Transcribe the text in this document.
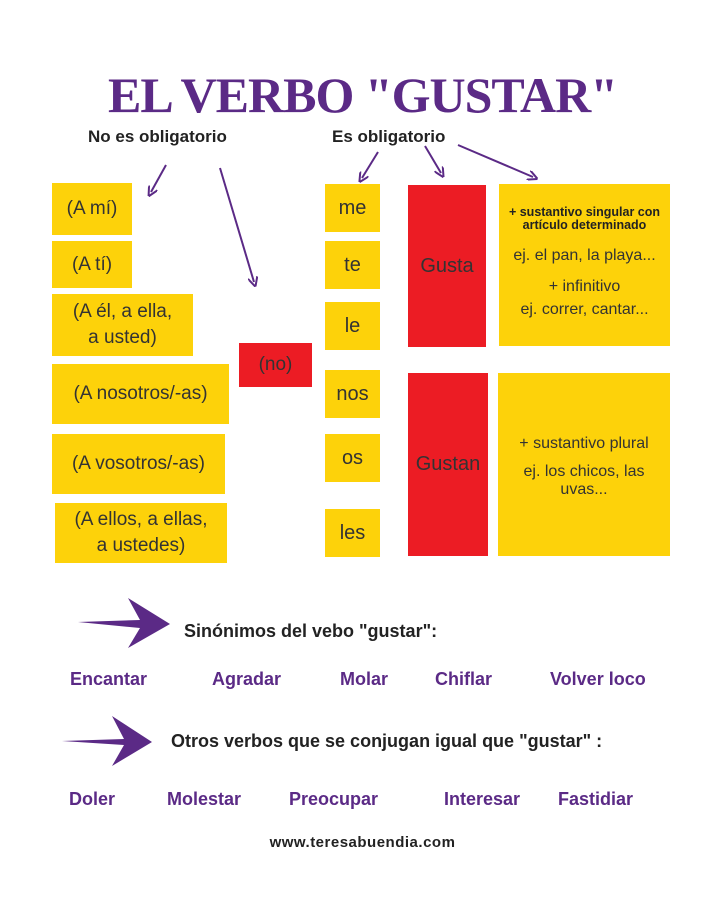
EL VERBO "GUSTAR"
No es obligatorio	Es obligatorio
(A mí)
(A tí)
(A él, a ella,
a usted)
(A nosotros/-as)
(A vosotros/-as)
(A ellos, a ellas,
a ustedes)
(no)
me
te
le
nos
os
les
Gusta
Gustan
+ sustantivo singular con artículo determinado
ej. el pan, la playa...
+ infinitivo
ej. correr, cantar...
+ sustantivo plural
ej. los chicos, las uvas...
Sinónimos del vebo "gustar":
Encantar	Agradar	Molar	Chiflar	Volver loco
Otros verbos que se conjugan igual que "gustar" :
Doler	Molestar	Preocupar	Interesar Fastidiar
www.teresabuendia.com
